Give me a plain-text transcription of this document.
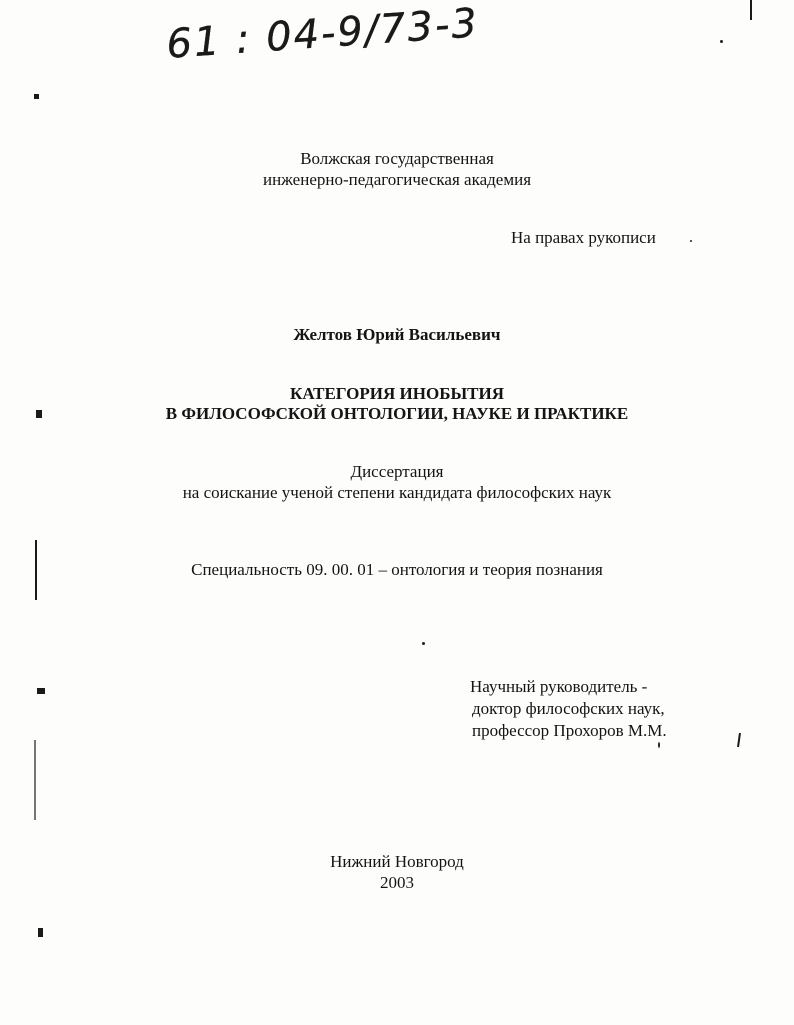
61 : 04-9/73-3
Волжская государственная
инженерно-педагогическая академия
На правах рукописи
Желтов Юрий Васильевич
КАТЕГОРИЯ ИНОБЫТИЯ
В ФИЛОСОФСКОЙ ОНТОЛОГИИ, НАУКЕ И ПРАКТИКЕ
Диссертация
на соискание ученой степени кандидата философских наук
Специальность 09. 00. 01 – онтология и теория познания
Научный руководитель -
доктор философских наук,
профессор Прохоров М.М.
Нижний Новгород
2003
